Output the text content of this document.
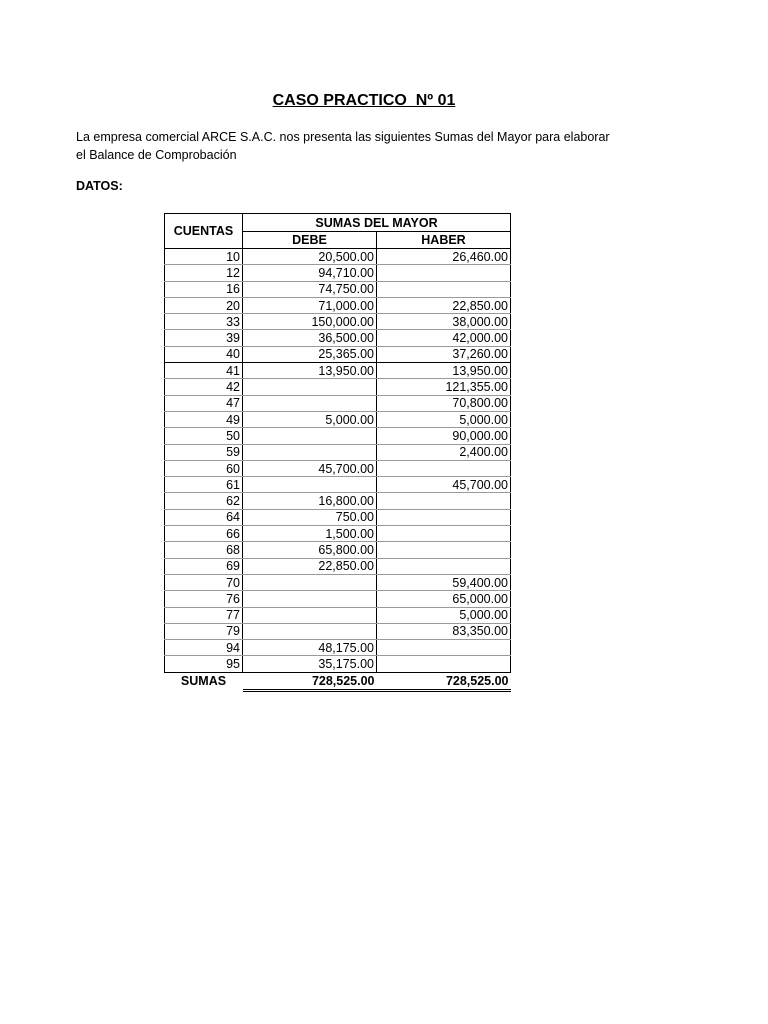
CASO PRACTICO  Nº 01
La empresa comercial ARCE S.A.C. nos presenta las siguientes Sumas del Mayor para elaborar
el Balance de Comprobación
DATOS:
CUENTAS	SUMAS DEL MAYOR	
	DEBE	HABER
10	20,500.00	26,460.00
12	94,710.00	
16	74,750.00	
20	71,000.00	22,850.00
33	150,000.00	38,000.00
39	36,500.00	42,000.00
40	25,365.00	37,260.00
41	13,950.00	13,950.00
42		121,355.00
47		70,800.00
49	5,000.00	5,000.00
50		90,000.00
59		2,400.00
60	45,700.00	
61		45,700.00
62	16,800.00	
64	750.00	
66	1,500.00	
68	65,800.00	
69	22,850.00	
70		59,400.00
76		65,000.00
77		5,000.00
79		83,350.00
94	48,175.00	
95	35,175.00	
SUMAS	728,525.00	728,525.00
